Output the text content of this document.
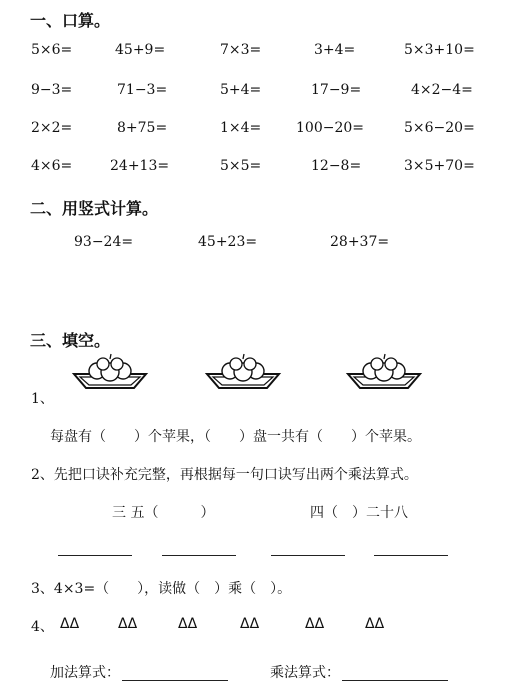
一、口算。
5×6=	45+9=	7×3=	3+4=	5×3+10=
9−3=	71−3=	5+4=	17−9=	4×2−4=
2×2=	8+75=	1×4= 100−20=	5×6−20=
4×6=	24+13=	5×5=	12−8=	3×5+70=
二、用竖式计算。
93−24=	45+23=	28+37=
三、填空。
1、
每盘有（　　）个苹果，（　　）盘一共有（　　）个苹果。
2、先把口诀补充完整，再根据每一句口诀写出两个乘法算式。
三 五（　　　）	四（　）二十八
3、4×3=（　　），读做（　）乘（　）。
4、 ΔΔ	ΔΔ	ΔΔ	ΔΔ	ΔΔ	ΔΔ
加法算式：	乘法算式：
